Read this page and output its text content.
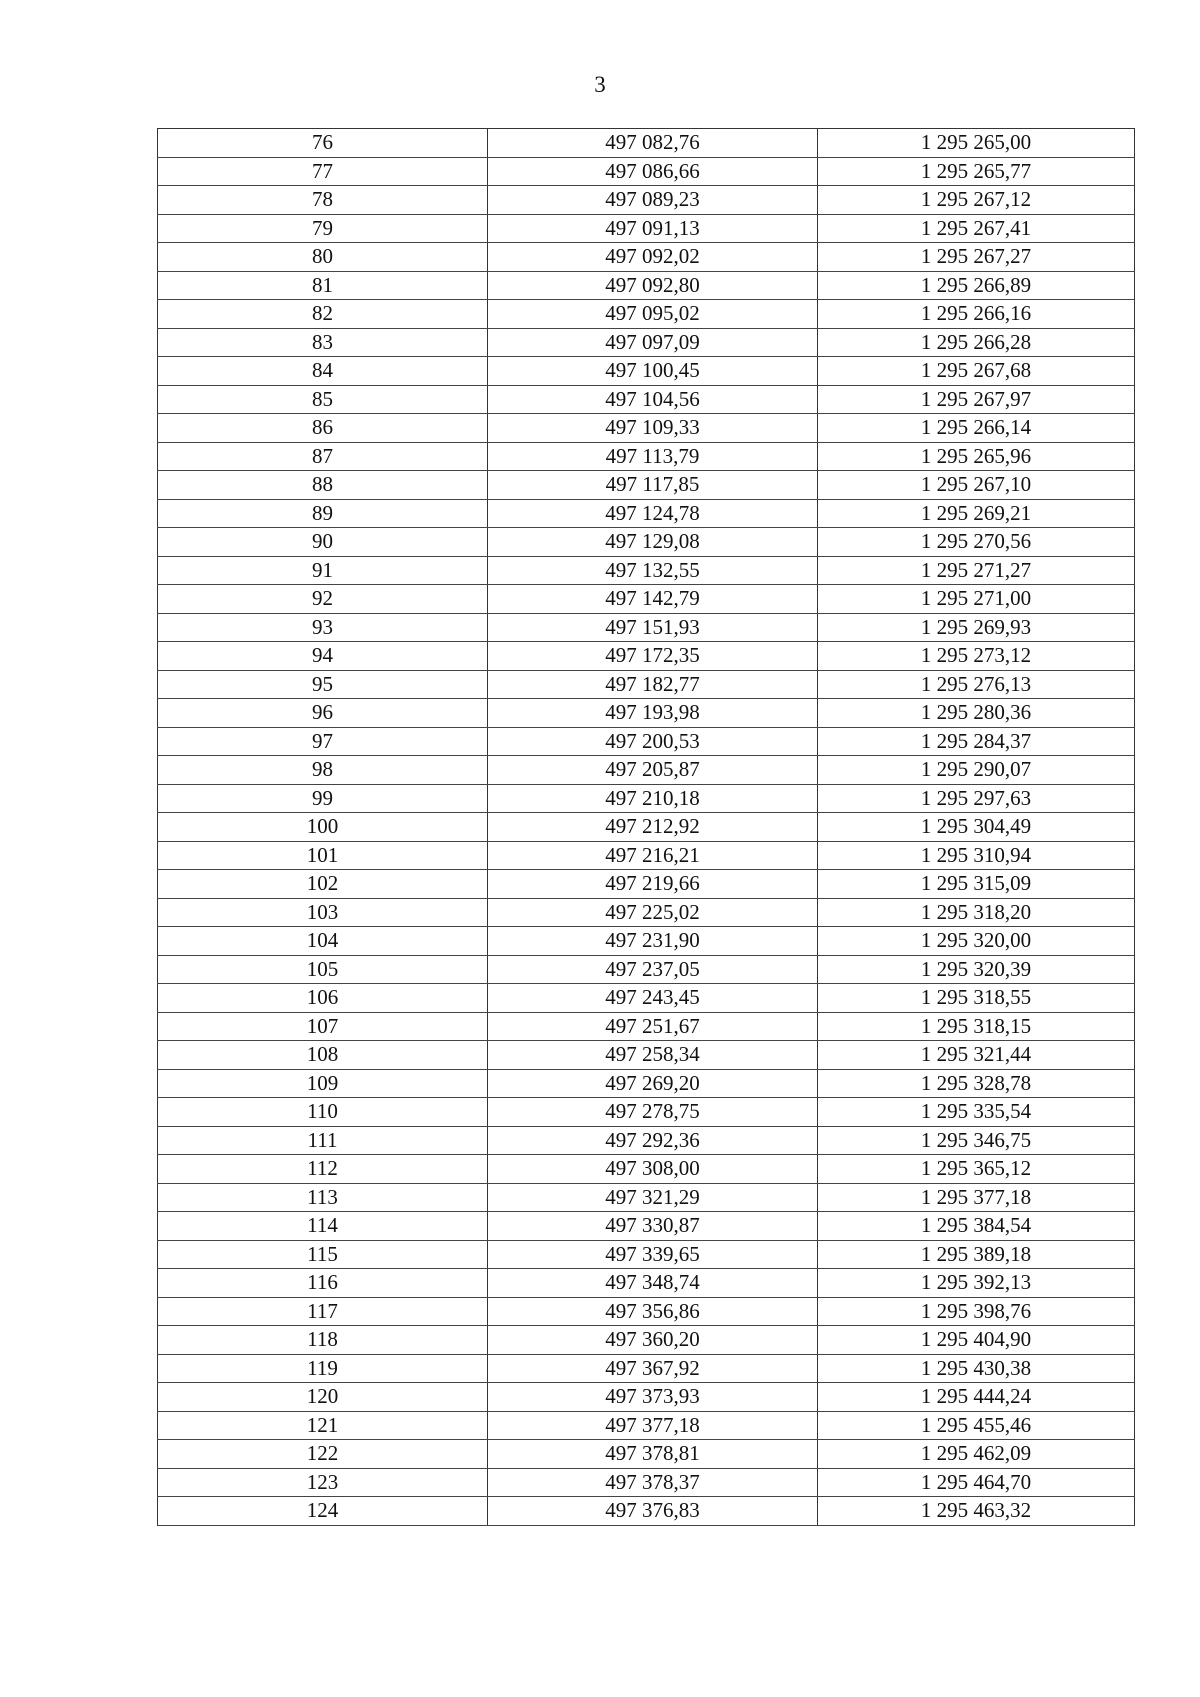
3
76	497 082,76	1 295 265,00
77	497 086,66	1 295 265,77
78	497 089,23	1 295 267,12
79	497 091,13	1 295 267,41
80	497 092,02	1 295 267,27
81	497 092,80	1 295 266,89
82	497 095,02	1 295 266,16
83	497 097,09	1 295 266,28
84	497 100,45	1 295 267,68
85	497 104,56	1 295 267,97
86	497 109,33	1 295 266,14
87	497 113,79	1 295 265,96
88	497 117,85	1 295 267,10
89	497 124,78	1 295 269,21
90	497 129,08	1 295 270,56
91	497 132,55	1 295 271,27
92	497 142,79	1 295 271,00
93	497 151,93	1 295 269,93
94	497 172,35	1 295 273,12
95	497 182,77	1 295 276,13
96	497 193,98	1 295 280,36
97	497 200,53	1 295 284,37
98	497 205,87	1 295 290,07
99	497 210,18	1 295 297,63
100	497 212,92	1 295 304,49
101	497 216,21	1 295 310,94
102	497 219,66	1 295 315,09
103	497 225,02	1 295 318,20
104	497 231,90	1 295 320,00
105	497 237,05	1 295 320,39
106	497 243,45	1 295 318,55
107	497 251,67	1 295 318,15
108	497 258,34	1 295 321,44
109	497 269,20	1 295 328,78
110	497 278,75	1 295 335,54
111	497 292,36	1 295 346,75
112	497 308,00	1 295 365,12
113	497 321,29	1 295 377,18
114	497 330,87	1 295 384,54
115	497 339,65	1 295 389,18
116	497 348,74	1 295 392,13
117	497 356,86	1 295 398,76
118	497 360,20	1 295 404,90
119	497 367,92	1 295 430,38
120	497 373,93	1 295 444,24
121	497 377,18	1 295 455,46
122	497 378,81	1 295 462,09
123	497 378,37	1 295 464,70
124	497 376,83	1 295 463,32
